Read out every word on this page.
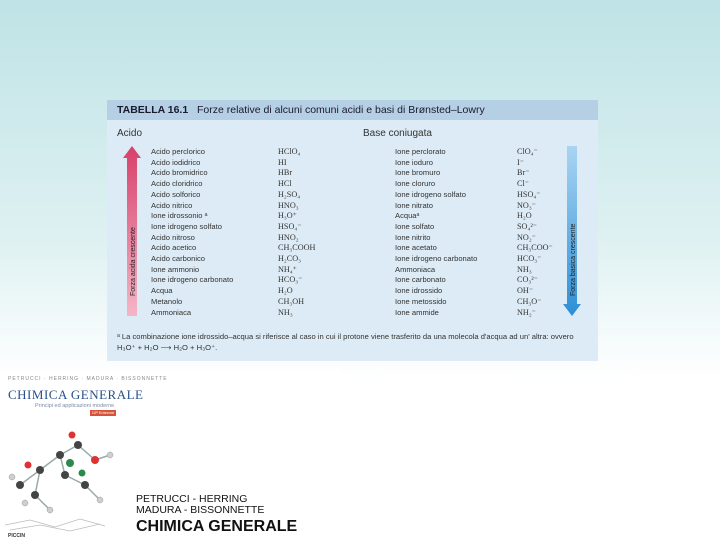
TABELLA 16.1 Forze relative di alcuni comuni acidi e basi di Brønsted–Lowry
Acido	Base coniugata
Forza acida crescente	Forza basica crescente
Acido perclorico	HClO₄	Ione perclorato	ClO₄⁻
Acido iodidrico	HI	Ione ioduro	I⁻
Acido bromidrico	HBr	Ione bromuro	Br⁻
Acido cloridrico	HCl	Ione cloruro	Cl⁻
Acido solforico	H₂SO₄	Ione idrogeno solfato	HSO₄⁻
Acido nitrico	HNO₃	Ione nitrato	NO₃⁻
Ione idrossonio ᵃ	H₃O⁺	Acquaᵃ	H₂O
Ione idrogeno solfato	HSO₄⁻	Ione solfato	SO₄²⁻
Acido nitroso	HNO₂	Ione nitrito	NO₂⁻
Acido acetico	CH₃COOH	Ione acetato	CH₃COO⁻
Acido carbonico	H₂CO₃	Ione idrogeno carbonato	HCO₃⁻
Ione ammonio	NH₄⁺	Ammoniaca	NH₃
Ione idrogeno carbonato	HCO₃⁻	Ione carbonato	CO₃²⁻
Acqua	H₂O	Ione idrossido	OH⁻
Metanolo	CH₃OH	Ione metossido	CH₃O⁻
Ammoniaca	NH₃	Ione ammide	NH₂⁻
ᵃ La combinazione ione idrossido–acqua si riferisce al caso in cui il protone viene trasferito da una molecola d'acqua ad un' altra: ovvero H₃O⁺ + H₂O ⟶ H₂O + H₃O⁺.
PETRUCCI · HERRING · MADURA · BISSONNETTE
CHIMICA GENERALE
Principi ed applicazioni moderne
10ª Edizione
PICCIN
PETRUCCI - HERRING
MADURA - BISSONNETTE
CHIMICA GENERALE
